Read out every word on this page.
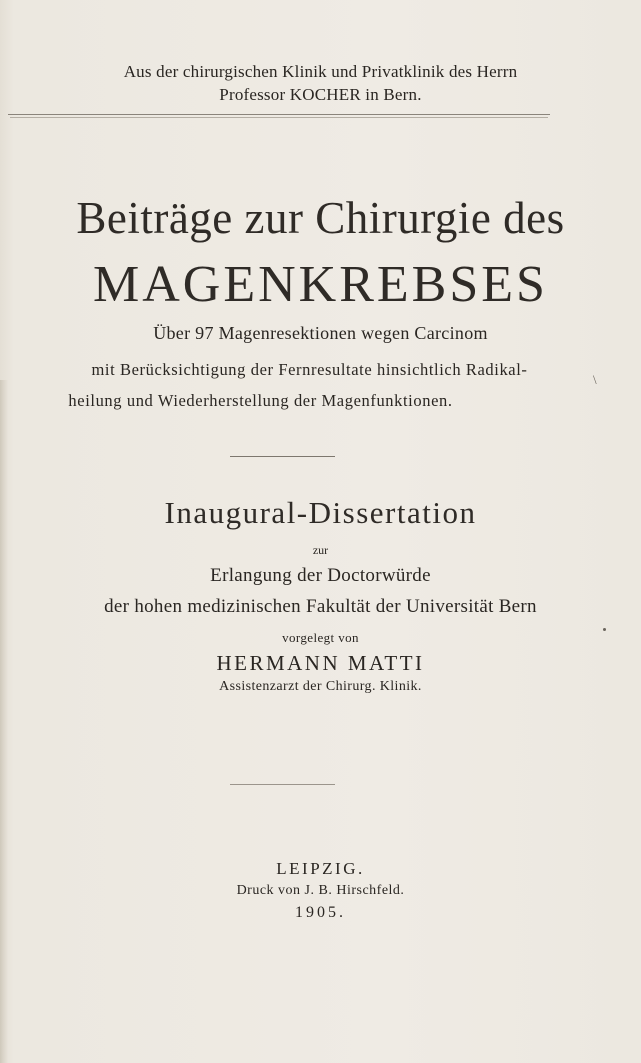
Aus der chirurgischen Klinik und Privatklinik des Herrn
Professor KOCHER in Bern.
Beiträge zur Chirurgie des
MAGENKREBSES
Über 97 Magenresektionen wegen Carcinom
mit Berücksichtigung der Fernresultate hinsichtlich Radikal-
heilung und Wiederherstellung der Magenfunktionen.
Inaugural-Dissertation
zur
Erlangung der Doctorwürde
der hohen medizinischen Fakultät der Universität Bern
vorgelegt von
HERMANN MATTI
Assistenzarzt der Chirurg. Klinik.
LEIPZIG.
Druck von J. B. Hirschfeld.
1905.
\
